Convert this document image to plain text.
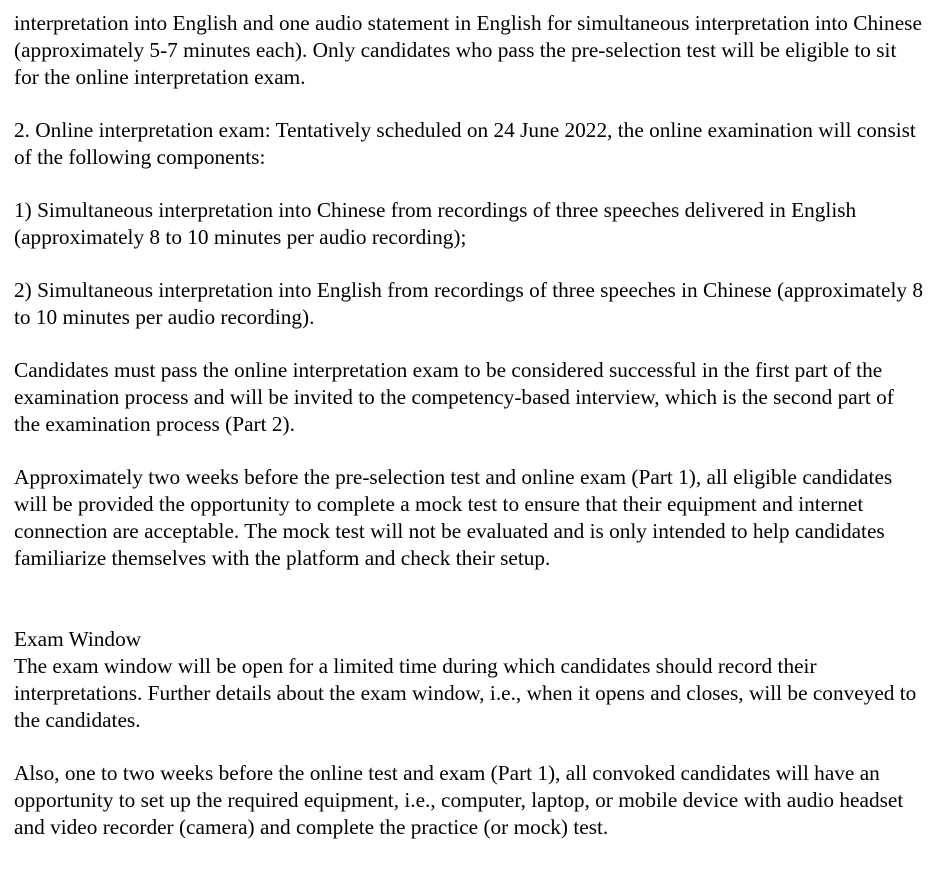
interpretation into English and one audio statement in English for simultaneous interpretation into Chinese (approximately 5-7 minutes each). Only candidates who pass the pre-selection test will be eligible to sit for the online interpretation exam.

2. Online interpretation exam: Tentatively scheduled on 24 June 2022, the online examination will consist of the following components:

1) Simultaneous interpretation into Chinese from recordings of three speeches delivered in English (approximately 8 to 10 minutes per audio recording);

2) Simultaneous interpretation into English from recordings of three speeches in Chinese (approximately 8 to 10 minutes per audio recording).

Candidates must pass the online interpretation exam to be considered successful in the first part of the examination process and will be invited to the competency-based interview, which is the second part of the examination process (Part 2).

Approximately two weeks before the pre-selection test and online exam (Part 1), all eligible candidates will be provided the opportunity to complete a mock test to ensure that their equipment and internet connection are acceptable. The mock test will not be evaluated and is only intended to help candidates familiarize themselves with the platform and check their setup.

Exam Window

The exam window will be open for a limited time during which candidates should record their interpretations. Further details about the exam window, i.e., when it opens and closes, will be conveyed to the candidates.

Also, one to two weeks before the online test and exam (Part 1), all convoked candidates will have an opportunity to set up the required equipment, i.e., computer, laptop, or mobile device with audio headset and video recorder (camera) and complete the practice (or mock) test.
